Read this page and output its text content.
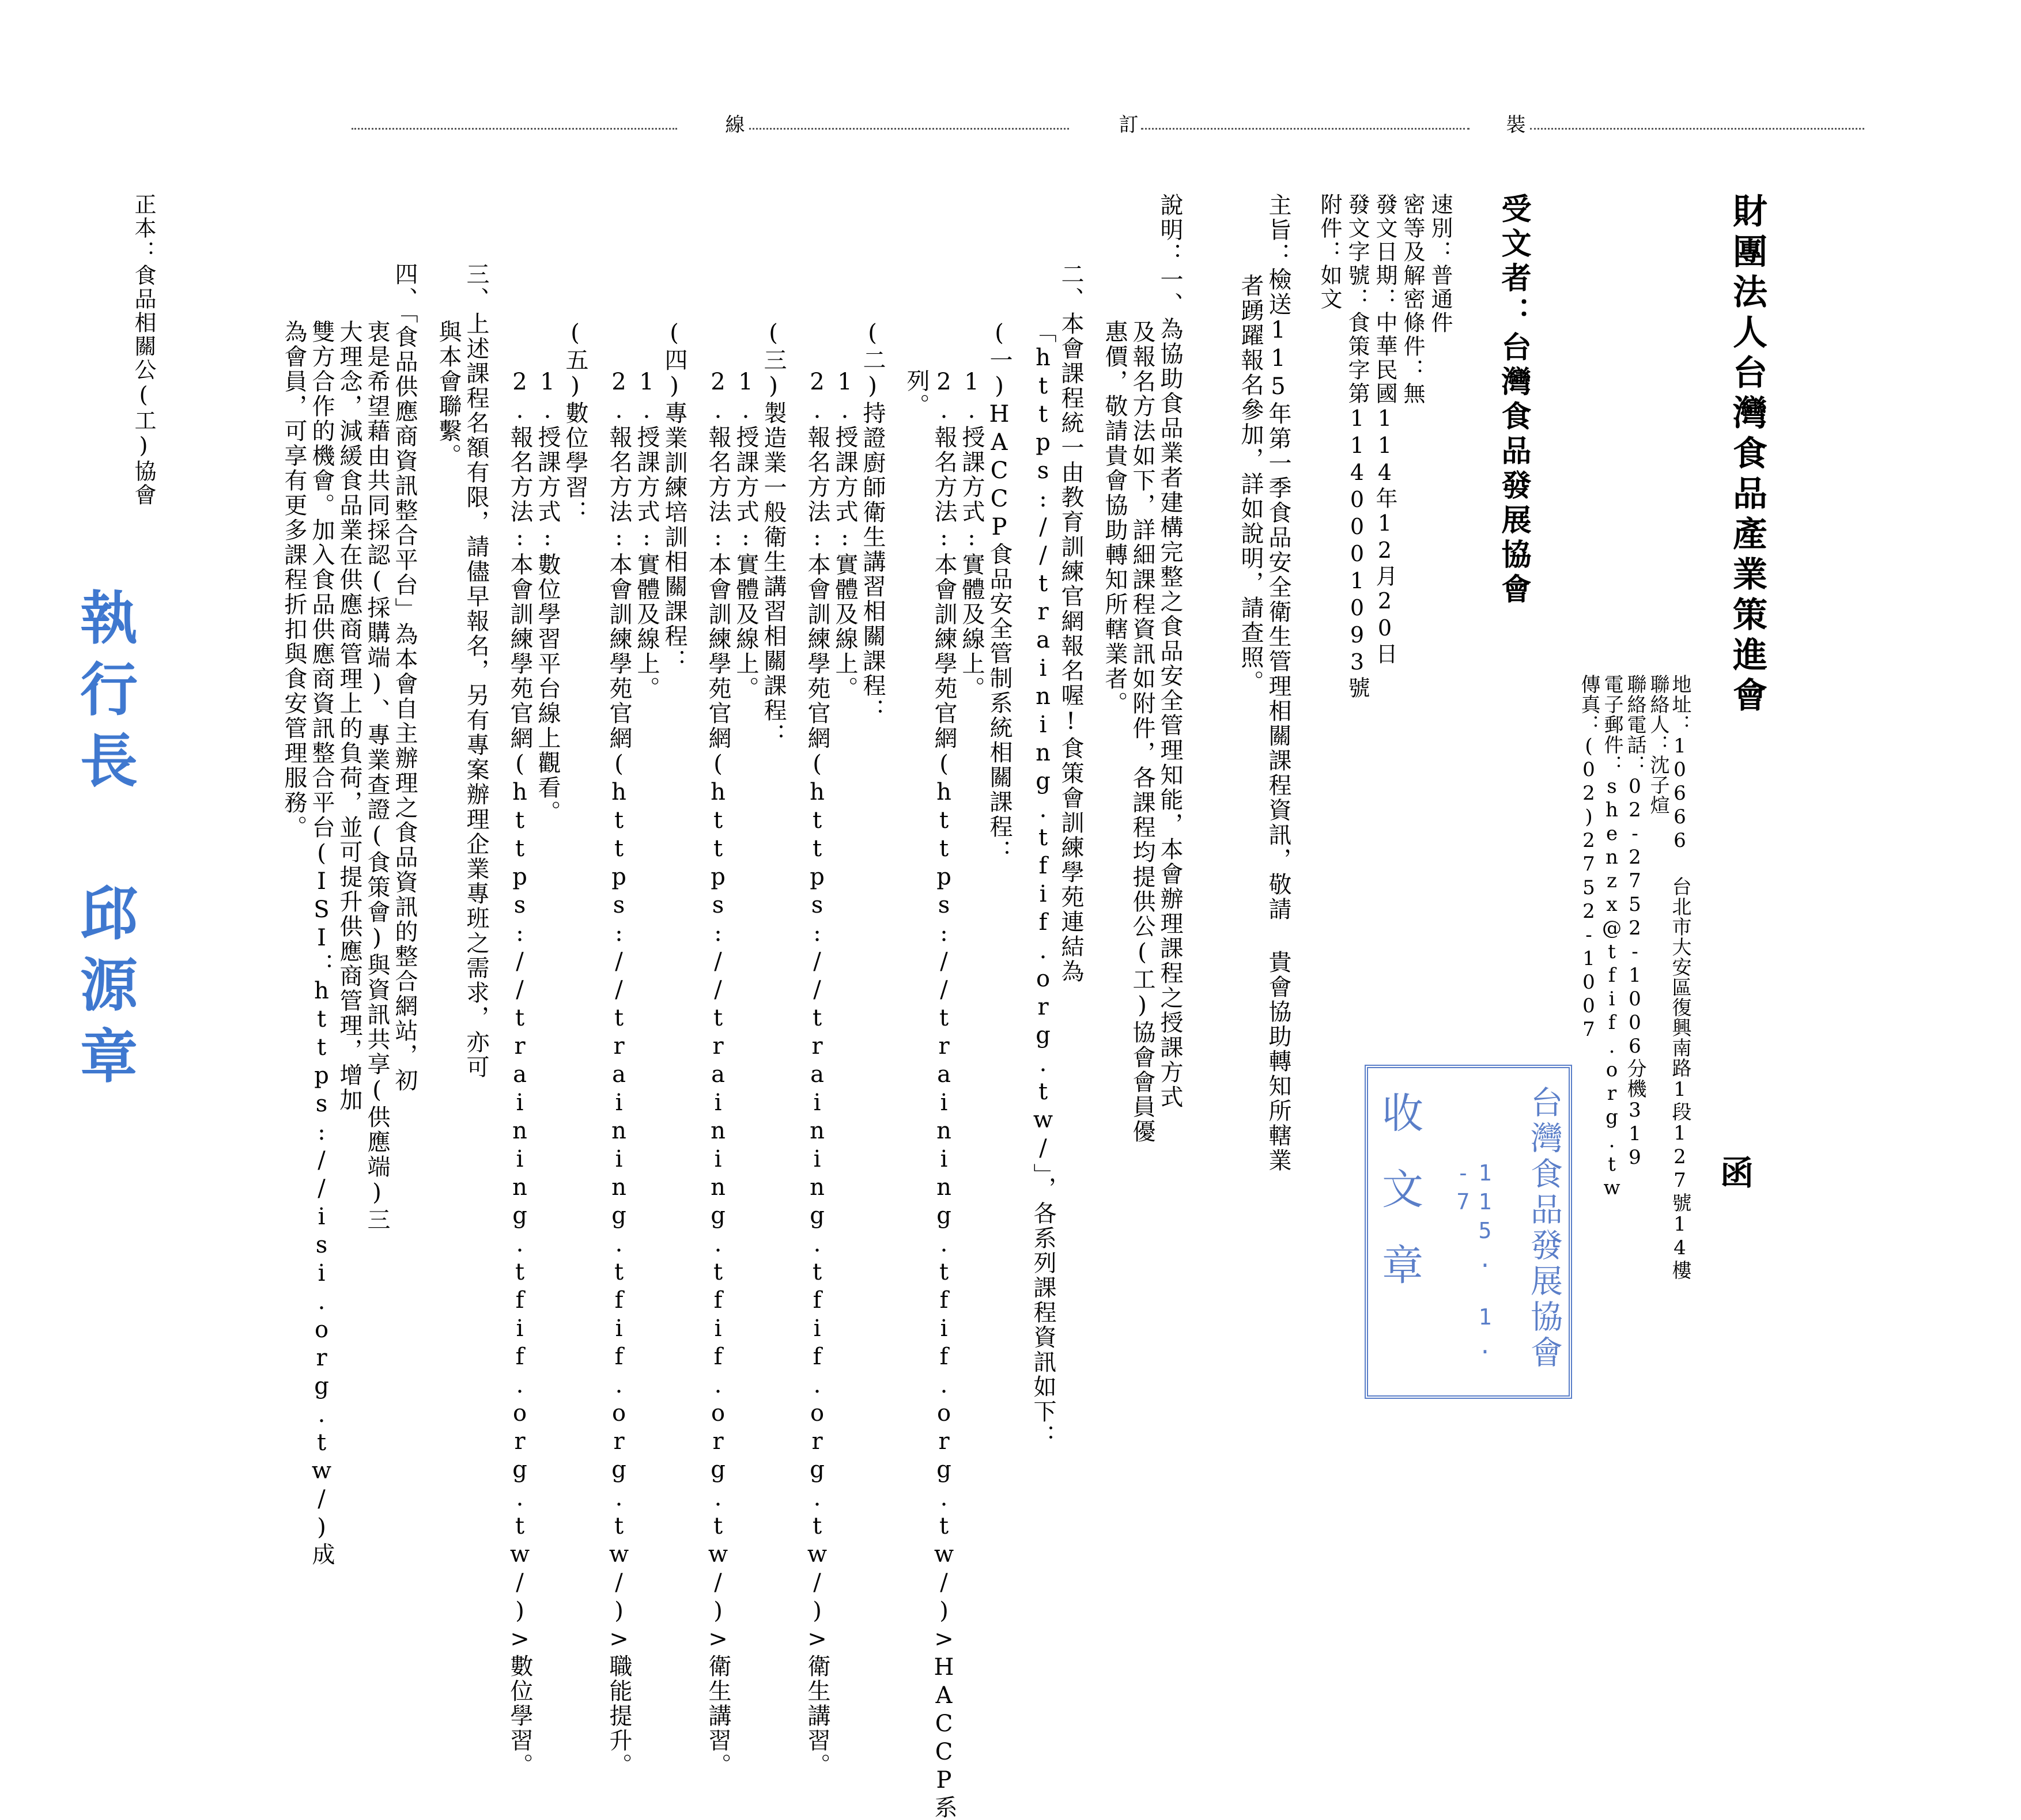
線	訂	裝
財團法人台灣食品產業策進會
函
地址：10666 台北市大安區復興南路1段127號14樓
聯絡人：沈子煊
聯絡電話：02-2752-1006分機319
電子郵件：shenzx@tfif.org.tw
傳真：(02)2752-1007
受文者：台灣食品發展協會
速別：普通件
密等及解密條件：無
發文日期：中華民國114年12月20日
發文字號：食策字第1140001093號
附件：如文
主旨：檢送115年第一季食品安全衛生管理相關課程資訊，敬請 貴會協助轉知所轄業
者踴躍報名參加，詳如說明，請查照。
說明：一、為協助食品業者建構完整之食品安全管理知能，本會辦理課程之授課方式
及報名方法如下，詳細課程資訊如附件，各課程均提供公(工)協會會員優
惠價，敬請貴會協助轉知所轄業者。
二、本會課程統一由教育訓練官網報名喔!食策會訓練學苑連結為
「https://training.tfif.org.tw/」，各系列課程資訊如下：
(一)HACCP食品安全管制系統相關課程：
1.授課方式:實體及線上。
2.報名方法:本會訓練學苑官網(https://training.tfif.org.tw/)>HACCP系
列。
(二)持證廚師衛生講習相關課程：
1.授課方式:實體及線上。
2.報名方法:本會訓練學苑官網(https://training.tfif.org.tw/)>衛生講習。
(三)製造業一般衛生講習相關課程：
1.授課方式:實體及線上。
2.報名方法:本會訓練學苑官網(https://training.tfif.org.tw/)>衛生講習。
(四)專業訓練培訓相關課程：
1.授課方式:實體及線上。
2.報名方法:本會訓練學苑官網(https://training.tfif.org.tw/)>職能提升。
(五)數位學習：
1.授課方式:數位學習平台線上觀看。
2.報名方法:本會訓練學苑官網(https://training.tfif.org.tw/)>數位學習。
三、上述課程名額有限，請儘早報名，另有專案辦理企業專班之需求，亦可
與本會聯繫。
四、「食品供應商資訊整合平台」為本會自主辦理之食品資訊的整合網站，初
衷是希望藉由共同採認(採購端)、專業查證(食策會)與資訊共享(供應端)三
大理念，減緩食品業在供應商管理上的負荷，並可提升供應商管理，增加
雙方合作的機會。加入食品供應商資訊整合平台(ISI：https://isi.org.tw/)成
為會員，可享有更多課程折扣與食安管理服務。
正本：食品相關公(工)協會
台灣食品發展協會
115. 1. -7
收文章
執行長 邱源章
